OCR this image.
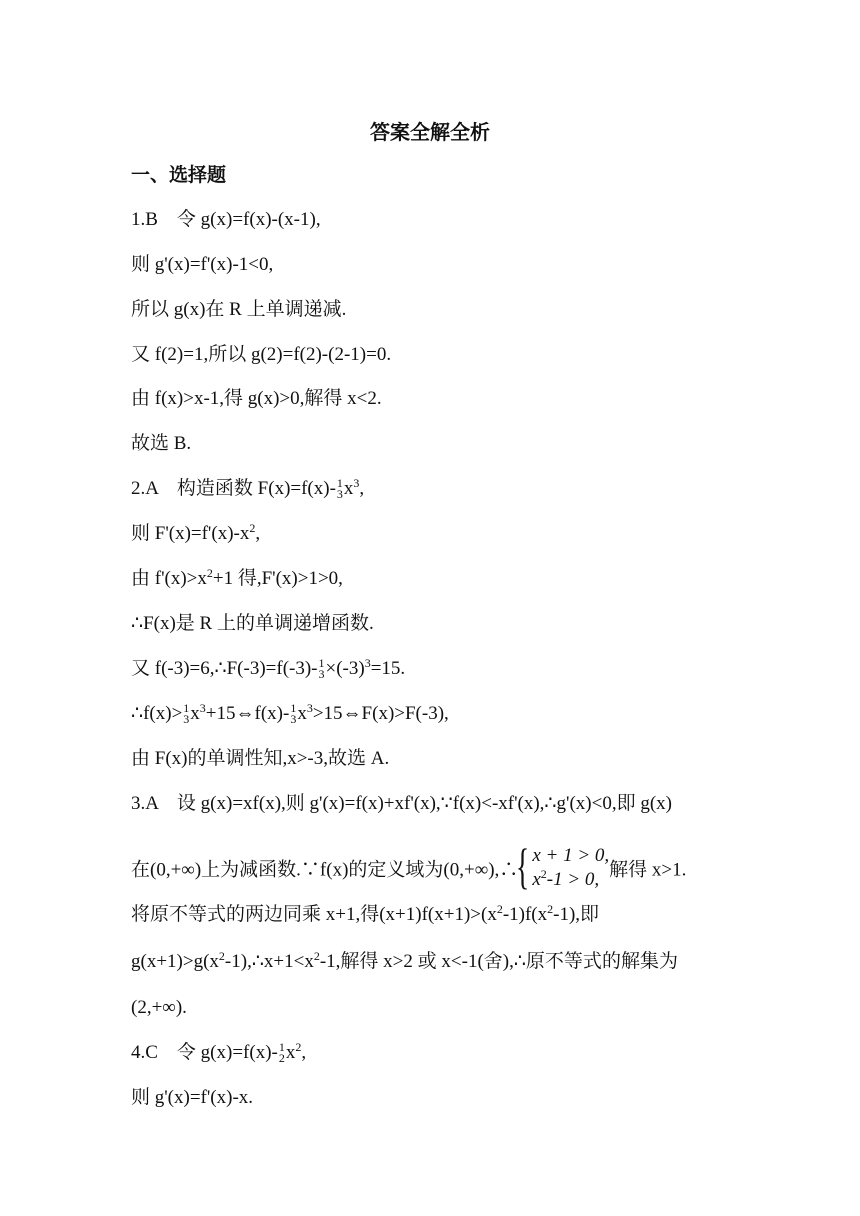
答案全解全析
一、选择题
1.B　令 g(x)=f(x)-(x-1),
则 g'(x)=f'(x)-1<0,
所以 g(x)在 R 上单调递减.
又 f(2)=1,所以 g(2)=f(2)-(2-1)=0.
由 f(x)>x-1,得 g(x)>0,解得 x<2.
故选 B.
2.A　构造函数 F(x)=f(x)- 1
3 $x^3$,
则 $F'(x)=f'(x)-x^2$,
由 $f'(x)>x^2+1$ 得,F'(x)>1>0,
∴F(x)是 R 上的单调递增函数.
又 f(-3)=6,∴F(-3)=f(-3)- 1
$3 \times(-3)^3=15$.
∴f(x)> 1
3 $x^3+15\Leftrightarrow f(x)-$ 1
3 $x^3>15\Leftrightarrow F(x)>F(-3)$,
由 F(x)的单调性知,x>-3,故选 A.
3.A　设 g(x)=xf(x),则 g'(x)=f(x)+xf'(x),∵f(x)<-xf'(x),∴g'(x)<0,即 g(x)
在(0,+∞)上为减函数.∵f(x)的定义域为(0,+∞),∴
{ x + 1 > 0,
$x^2-1 > 0$, 解得 x>1.
将原不等式的两边同乘 x+1,得$(x+1)f(x+1)>(x^2-1)f(x^2-1)$,即
$g(x+1)>g(x^2-1),\therefore x+1<x^2-1$,解得 x>2 或 x<-1(舍),∴原不等式的解集为
(2,+∞).
4.C　令 g(x)=f(x)- 1
2 $x^2$,
则 g'(x)=f'(x)-x.
